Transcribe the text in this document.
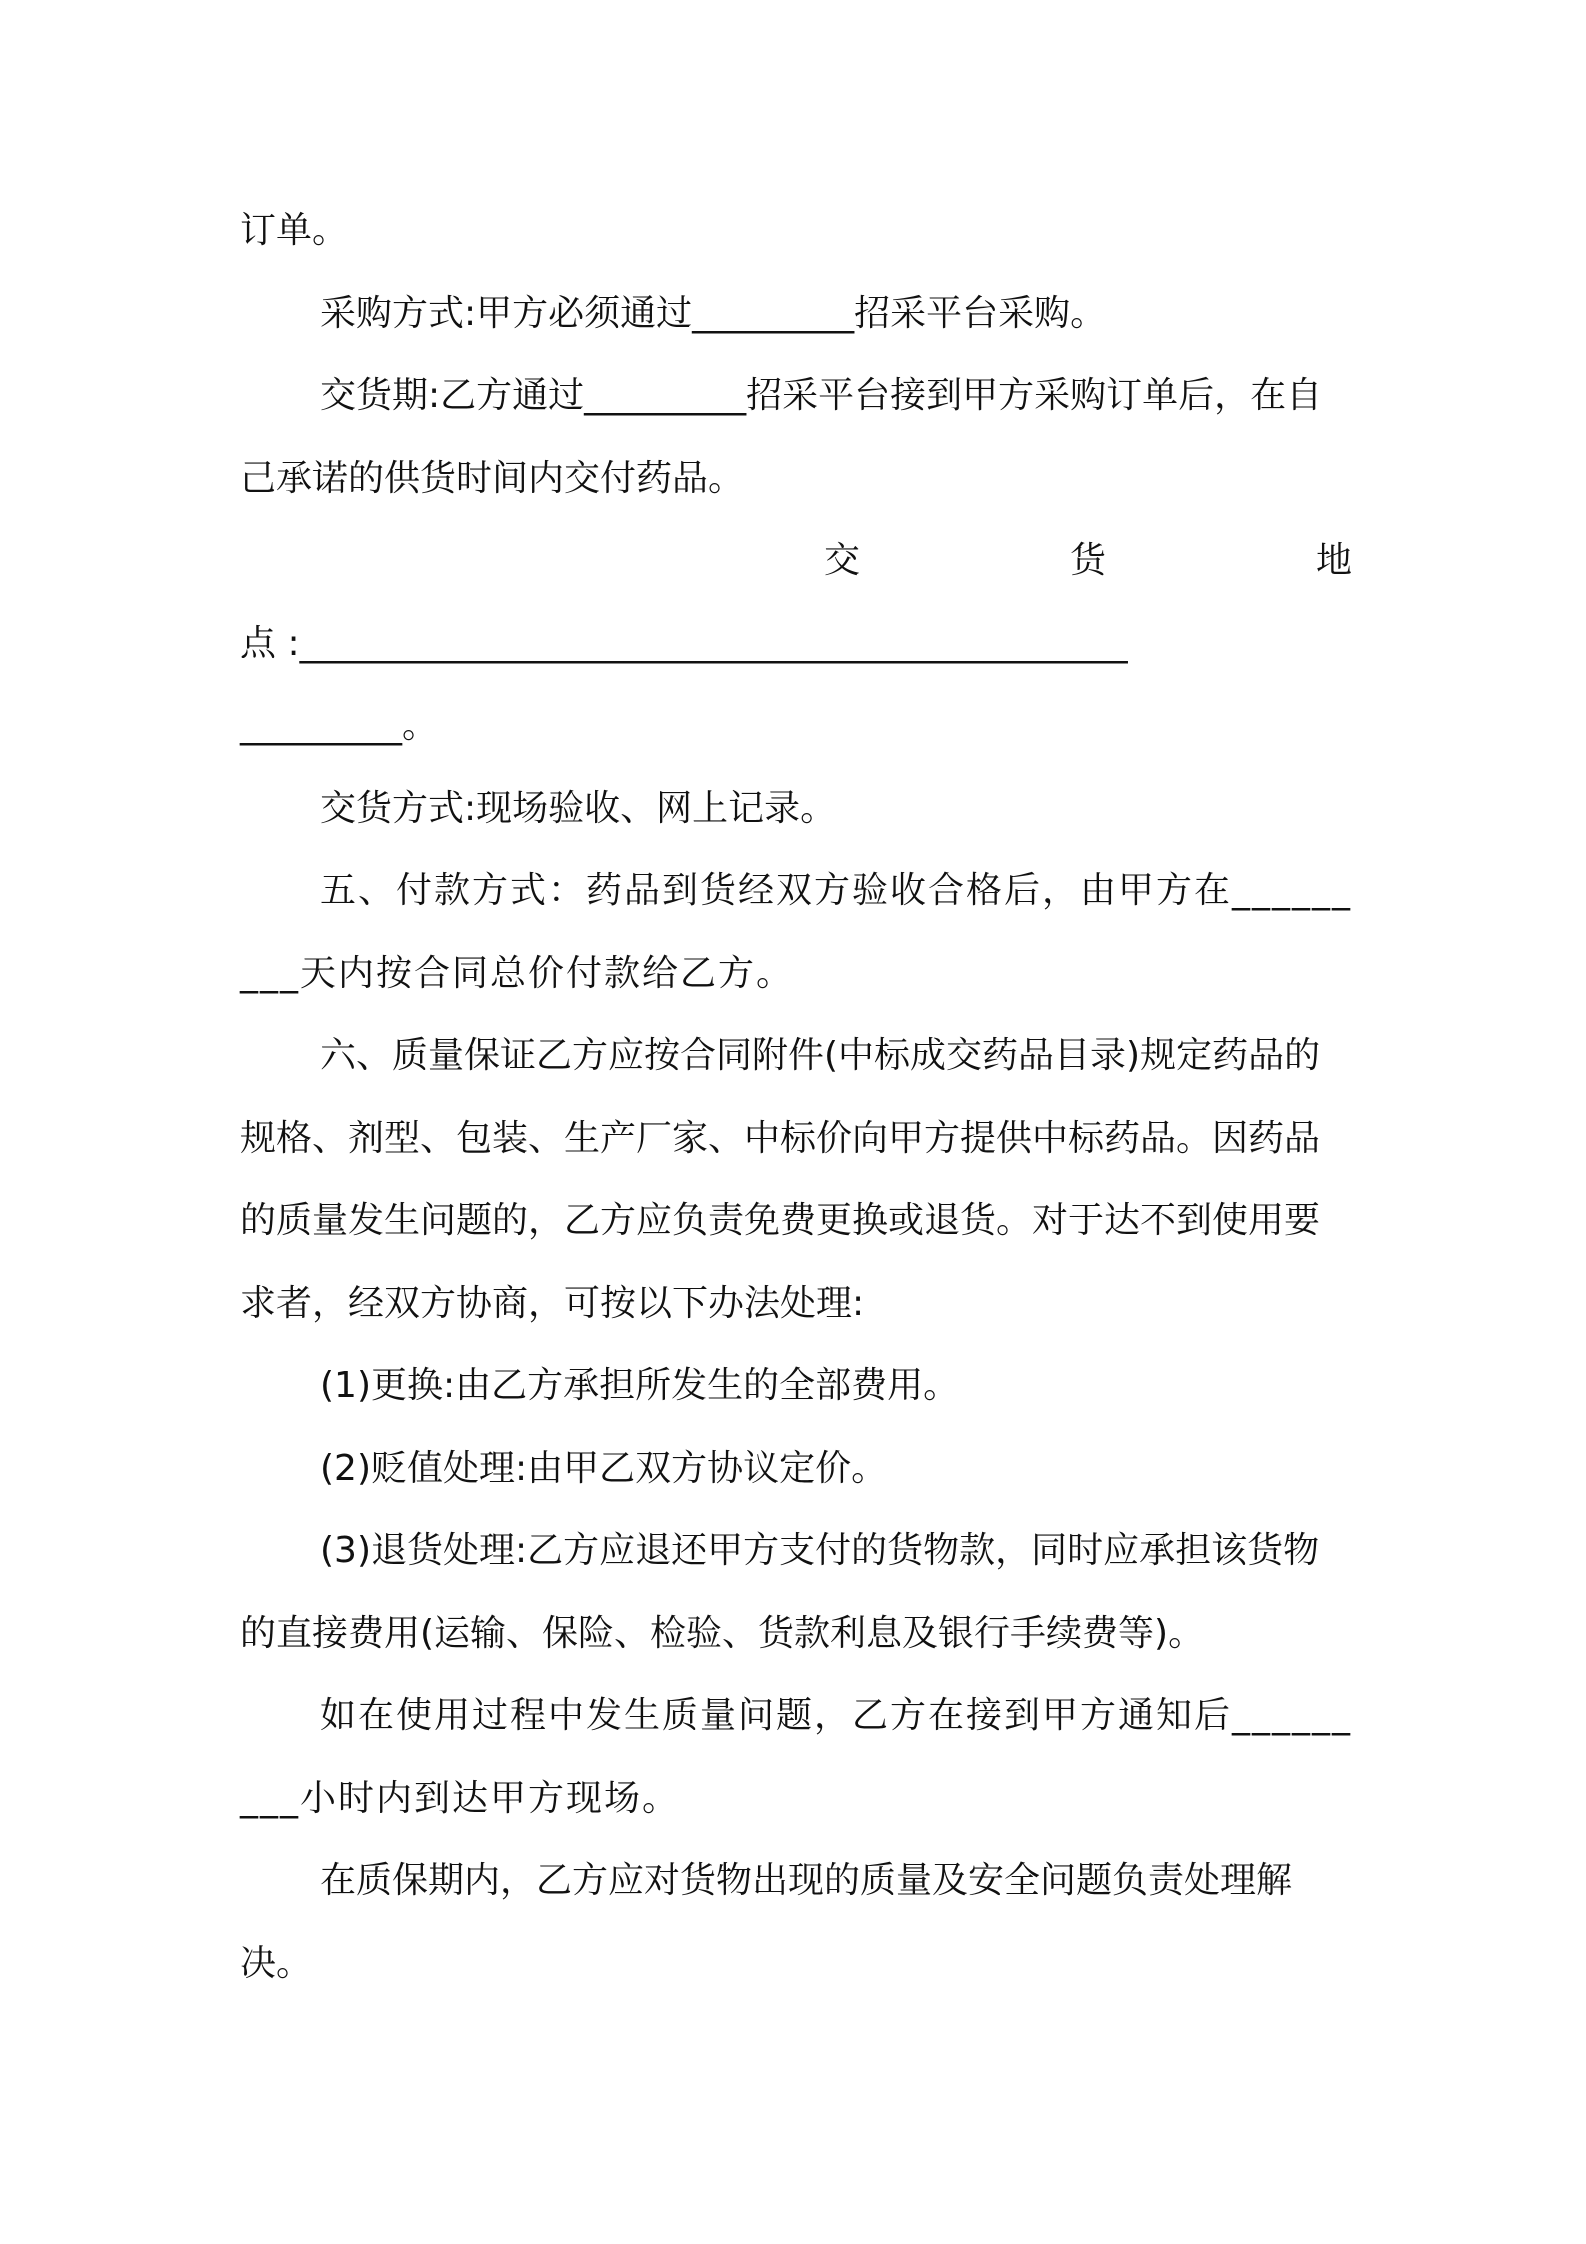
订单。

采购方式:甲方必须通过_________招采平台采购。

交货期:乙方通过_________招采平台接到甲方采购订单后，在自己承诺的供货时间内交付药品。

交	货	地

点 :______________________________________________

_________。

交货方式:现场验收、网上记录。

五、付款方式：药品到货经双方验收合格后，由甲方在_________天内按合同总价付款给乙方。

六、质量保证乙方应按合同附件(中标成交药品目录)规定药品的规格、剂型、包装、生产厂家、中标价向甲方提供中标药品。因药品的质量发生问题的，乙方应负责免费更换或退货。对于达不到使用要求者，经双方协商，可按以下办法处理:

(1)更换:由乙方承担所发生的全部费用。

(2)贬值处理:由甲乙双方协议定价。

(3)退货处理:乙方应退还甲方支付的货物款，同时应承担该货物的直接费用(运输、保险、检验、货款利息及银行手续费等)。

如在使用过程中发生质量问题，乙方在接到甲方通知后_________小时内到达甲方现场。

在质保期内，乙方应对货物出现的质量及安全问题负责处理解决。
